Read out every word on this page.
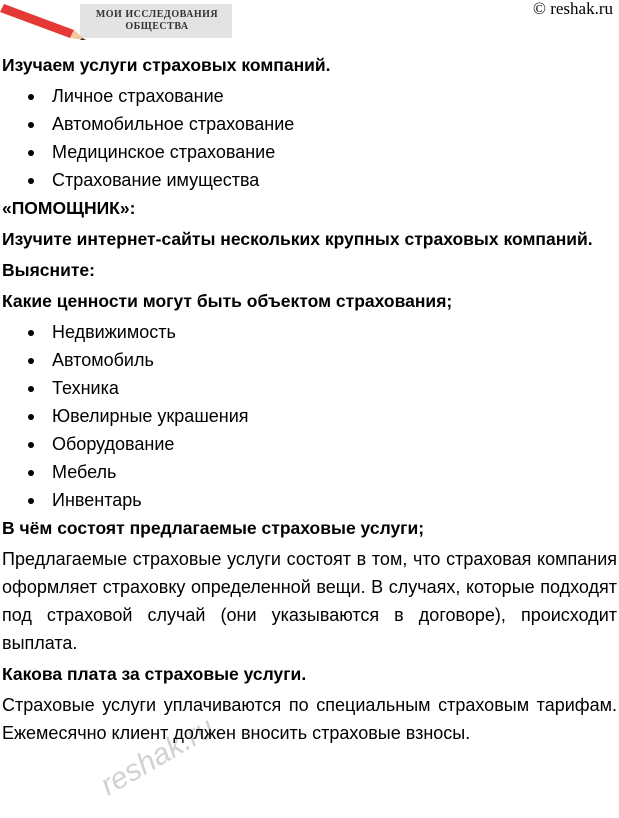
МОИ ИССЛЕДОВАНИЯ
ОБЩЕСТВА
© reshak.ru

Изучаем услуги страховых компаний.

Личное страхование
Автомобильное страхование
Медицинское страхование
Страхование имущества

«ПОМОЩНИК»:

Изучите интернет-сайты нескольких крупных страховых компаний.

Выясните:

Какие ценности могут быть объектом страхования;

Недвижимость
Автомобиль
Техника
Ювелирные украшения
Оборудование
Мебель
Инвентарь

В чём состоят предлагаемые страховые услуги;

Предлагаемые страховые услуги состоят в том, что страховая компания оформляет страховку определенной вещи. В случаях, которые подходят под страховой случай (они указываются в договоре), происходит выплата.

Какова плата за страховые услуги.

Страховые услуги уплачиваются по специальным страховым тарифам. Ежемесячно клиент должен вносить страховые взносы.

reshak.ru
